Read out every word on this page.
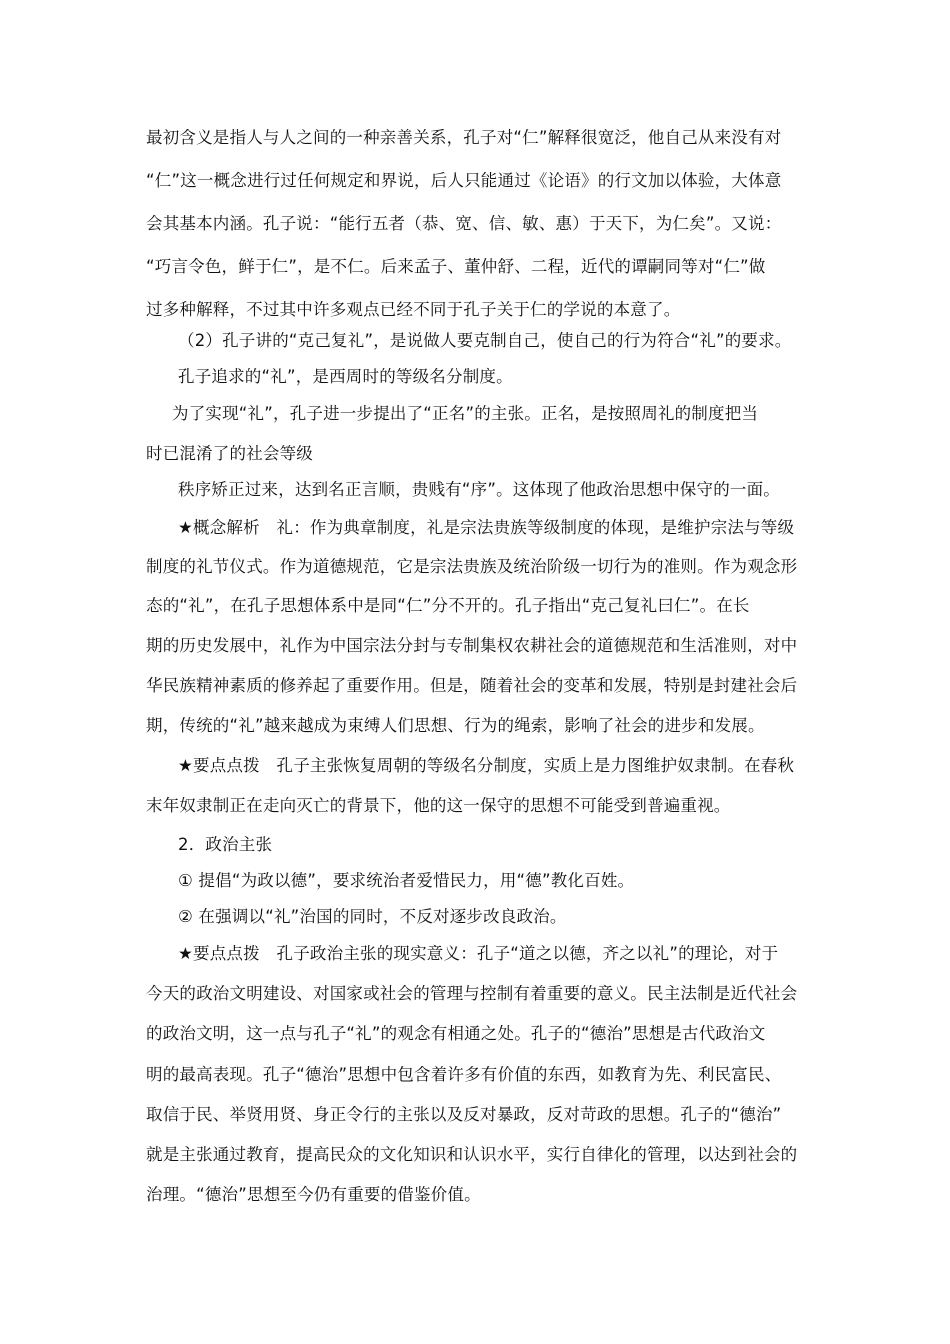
最初含义是指人与人之间的一种亲善关系，孔子对“仁”解释很宽泛，他自己从来没有对
“仁”这一概念进行过任何规定和界说，后人只能通过《论语》的行文加以体验，大体意
会其基本内涵。孔子说：“能行五者（恭、宽、信、敏、惠）于天下，为仁矣”。又说：
“巧言令色，鲜于仁”，是不仁。后来孟子、董仲舒、二程，近代的谭嗣同等对“仁”做
过多种解释，不过其中许多观点已经不同于孔子关于仁的学说的本意了。
（2）孔子讲的“克己复礼”，是说做人要克制自己，使自己的行为符合“礼”的要求。
孔子追求的“礼”，是西周时的等级名分制度。
为了实现“礼”，孔子进一步提出了“正名”的主张。正名，是按照周礼的制度把当
时已混淆了的社会等级
秩序矫正过来，达到名正言顺，贵贱有“序”。这体现了他政治思想中保守的一面。
★概念解析　礼：作为典章制度，礼是宗法贵族等级制度的体现，是维护宗法与等级
制度的礼节仪式。作为道德规范，它是宗法贵族及统治阶级一切行为的准则。作为观念形
态的“礼”，在孔子思想体系中是同“仁”分不开的。孔子指出“克己复礼曰仁”。在长
期的历史发展中，礼作为中国宗法分封与专制集权农耕社会的道德规范和生活准则，对中
华民族精神素质的修养起了重要作用。但是，随着社会的变革和发展，特别是封建社会后
期，传统的“礼”越来越成为束缚人们思想、行为的绳索，影响了社会的进步和发展。
★要点点拨　孔子主张恢复周朝的等级名分制度，实质上是力图维护奴隶制。在春秋
末年奴隶制正在走向灭亡的背景下，他的这一保守的思想不可能受到普遍重视。
2．政治主张
① 提倡“为政以德”，要求统治者爱惜民力，用“德”教化百姓。
② 在强调以“礼”治国的同时，不反对逐步改良政治。
★要点点拨　孔子政治主张的现实意义：孔子“道之以德，齐之以礼”的理论，对于
今天的政治文明建设、对国家或社会的管理与控制有着重要的意义。民主法制是近代社会
的政治文明，这一点与孔子“礼”的观念有相通之处。孔子的“德治”思想是古代政治文
明的最高表现。孔子“德治”思想中包含着许多有价值的东西，如教育为先、利民富民、
取信于民、举贤用贤、身正令行的主张以及反对暴政，反对苛政的思想。孔子的“德治”
就是主张通过教育，提高民众的文化知识和认识水平，实行自律化的管理，以达到社会的
治理。“德治”思想至今仍有重要的借鉴价值。
